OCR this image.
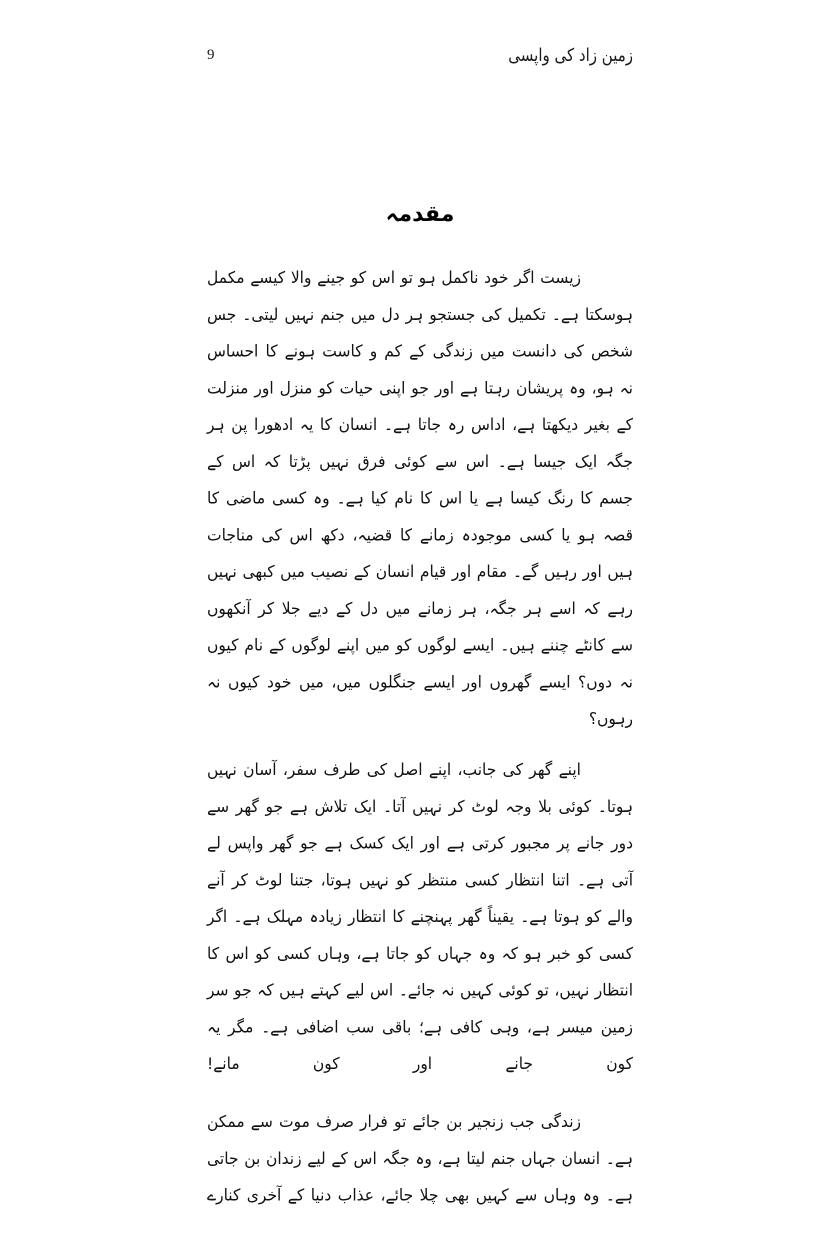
زمین زاد کی واپسی
9
مقدمہ

زیست اگر خود ناکمل ہو تو اس کو جینے والا کیسے مکمل ہوسکتا ہے۔ تکمیل کی جستجو ہر دل میں جنم نہیں لیتی۔ جس شخص کی دانست میں زندگی کے کم و کاست ہونے کا احساس نہ ہو، وہ پریشان رہتا ہے اور جو اپنی حیات کو منزل اور منزلت کے بغیر دیکھتا ہے، اداس رہ جاتا ہے۔ انسان کا یہ ادھورا پن ہر جگہ ایک جیسا ہے۔ اس سے کوئی فرق نہیں پڑتا کہ اس کے جسم کا رنگ کیسا ہے یا اس کا نام کیا ہے۔ وہ کسی ماضی کا قصہ ہو یا کسی موجودہ زمانے کا قضیہ، دکھ اس کی مناجات ہیں اور رہیں گے۔ مقام اور قیام انسان کے نصیب میں کبھی نہیں رہے کہ اسے ہر جگہ، ہر زمانے میں دل کے دیے جلا کر آنکھوں سے کانٹے چننے ہیں۔ ایسے لوگوں کو میں اپنے لوگوں کے نام کیوں نہ دوں؟ ایسے گھروں اور ایسے جنگلوں میں، میں خود کیوں نہ رہوں؟

اپنے گھر کی جانب، اپنے اصل کی طرف سفر، آسان نہیں ہوتا۔ کوئی بلا وجہ لوٹ کر نہیں آتا۔ ایک تلاش ہے جو گھر سے دور جانے پر مجبور کرتی ہے اور ایک کسک ہے جو گھر واپس لے آتی ہے۔ اتنا انتظار کسی منتظر کو نہیں ہوتا، جتنا لوٹ کر آنے والے کو ہوتا ہے۔ یقیناً گھر پہنچنے کا انتظار زیادہ مہلک ہے۔ اگر کسی کو خبر ہو کہ وہ جہاں کو جاتا ہے، وہاں کسی کو اس کا انتظار نہیں، تو کوئی کہیں نہ جائے۔ اس لیے کہتے ہیں کہ جو سر زمین میسر ہے، وہی کافی ہے؛ باقی سب اضافی ہے۔ مگر یہ کون جانے اور کون مانے!

زندگی جب زنجیر بن جائے تو فرار صرف موت سے ممکن ہے۔ انسان جہاں جنم لیتا ہے، وہ جگہ اس کے لیے زندان بن جاتی ہے۔ وہ وہاں سے کہیں بھی چلا جائے، عذاب دنیا کے آخری کنارے
